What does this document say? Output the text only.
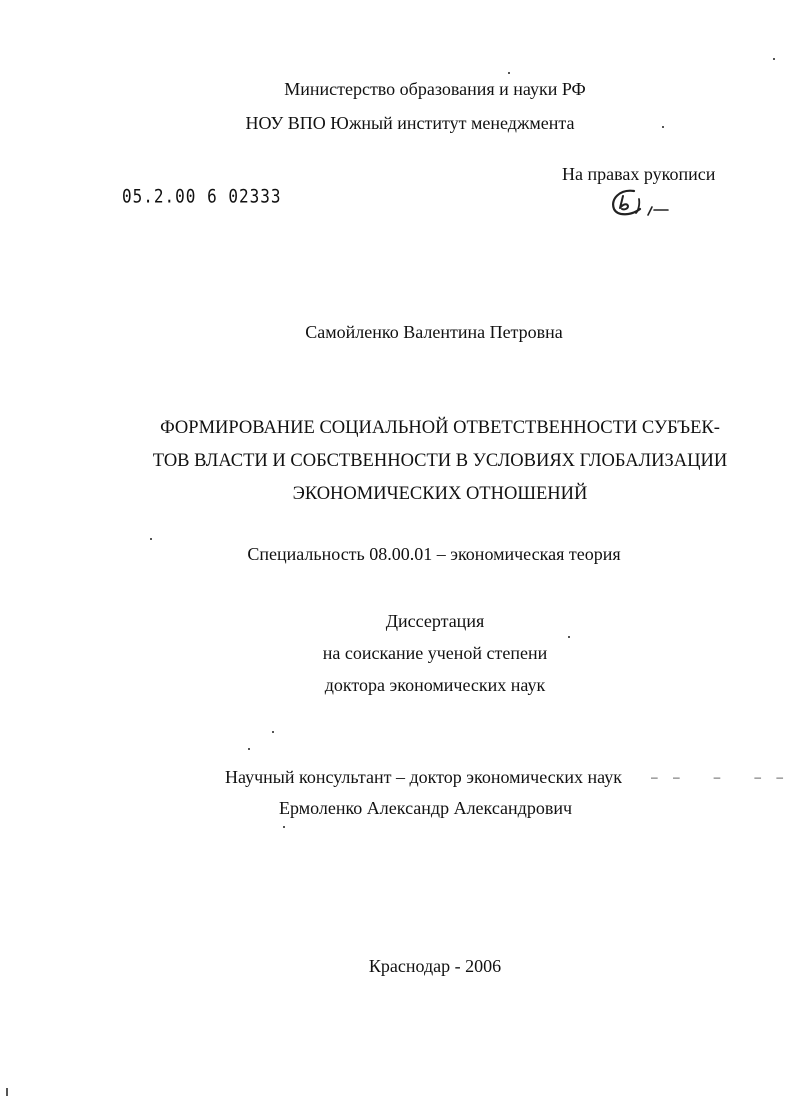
Министерство образования и науки РФ
НОУ ВПО Южный институт менеджмента
05.2.00 6 02333
На правах рукописи
Самойленко Валентина Петровна
ФОРМИРОВАНИЕ СОЦИАЛЬНОЙ ОТВЕТСТВЕННОСТИ СУБЪЕК-
ТОВ ВЛАСТИ И СОБСТВЕННОСТИ В УСЛОВИЯХ ГЛОБАЛИЗАЦИИ
ЭКОНОМИЧЕСКИХ ОТНОШЕНИЙ
Специальность 08.00.01 – экономическая теория
Диссертация
на соискание ученой степени
доктора экономических наук
Научный консультант – доктор экономических наук ‒ ‒   ‒   ‒ ‒
Ермоленко Александр Александрович
Краснодар - 2006
